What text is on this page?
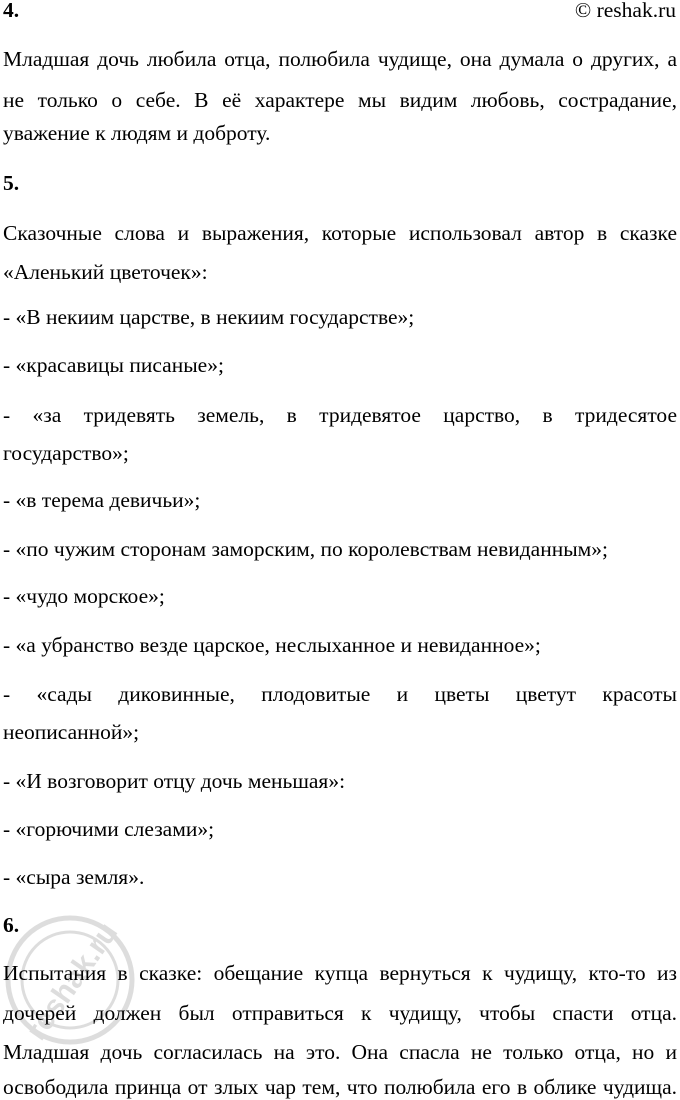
4.	© reshak.ru
Младшая дочь любила отца, полюбила чудище, она думала о других, а
не только о себе. В её характере мы видим любовь, сострадание,
уважение к людям и доброту.
5.
Сказочные слова и выражения, которые использовал автор в сказке
«Аленький цветочек»:
- «В некиим царстве, в некиим государстве»;
- «красавицы писаные»;
- «за тридевять земель, в тридевятое царство, в тридесятое
государство»;
- «в терема девичьи»;
- «по чужим сторонам заморским, по королевствам невиданным»;
- «чудо морское»;
- «а убранство везде царское, неслыханное и невиданное»;
- «сады диковинные, плодовитые и цветы цветут красоты
неописанной»;
- «И возговорит отцу дочь меньшая»:
- «горючими слезами»;
- «сыра земля».
6.
Испытания в сказке: обещание купца вернуться к чудищу, кто-то из
дочерей должен был отправиться к чудищу, чтобы спасти отца.
Младшая дочь согласилась на это. Она спасла не только отца, но и
освободила принца от злых чар тем, что полюбила его в облике чудища.
reshak.ru
